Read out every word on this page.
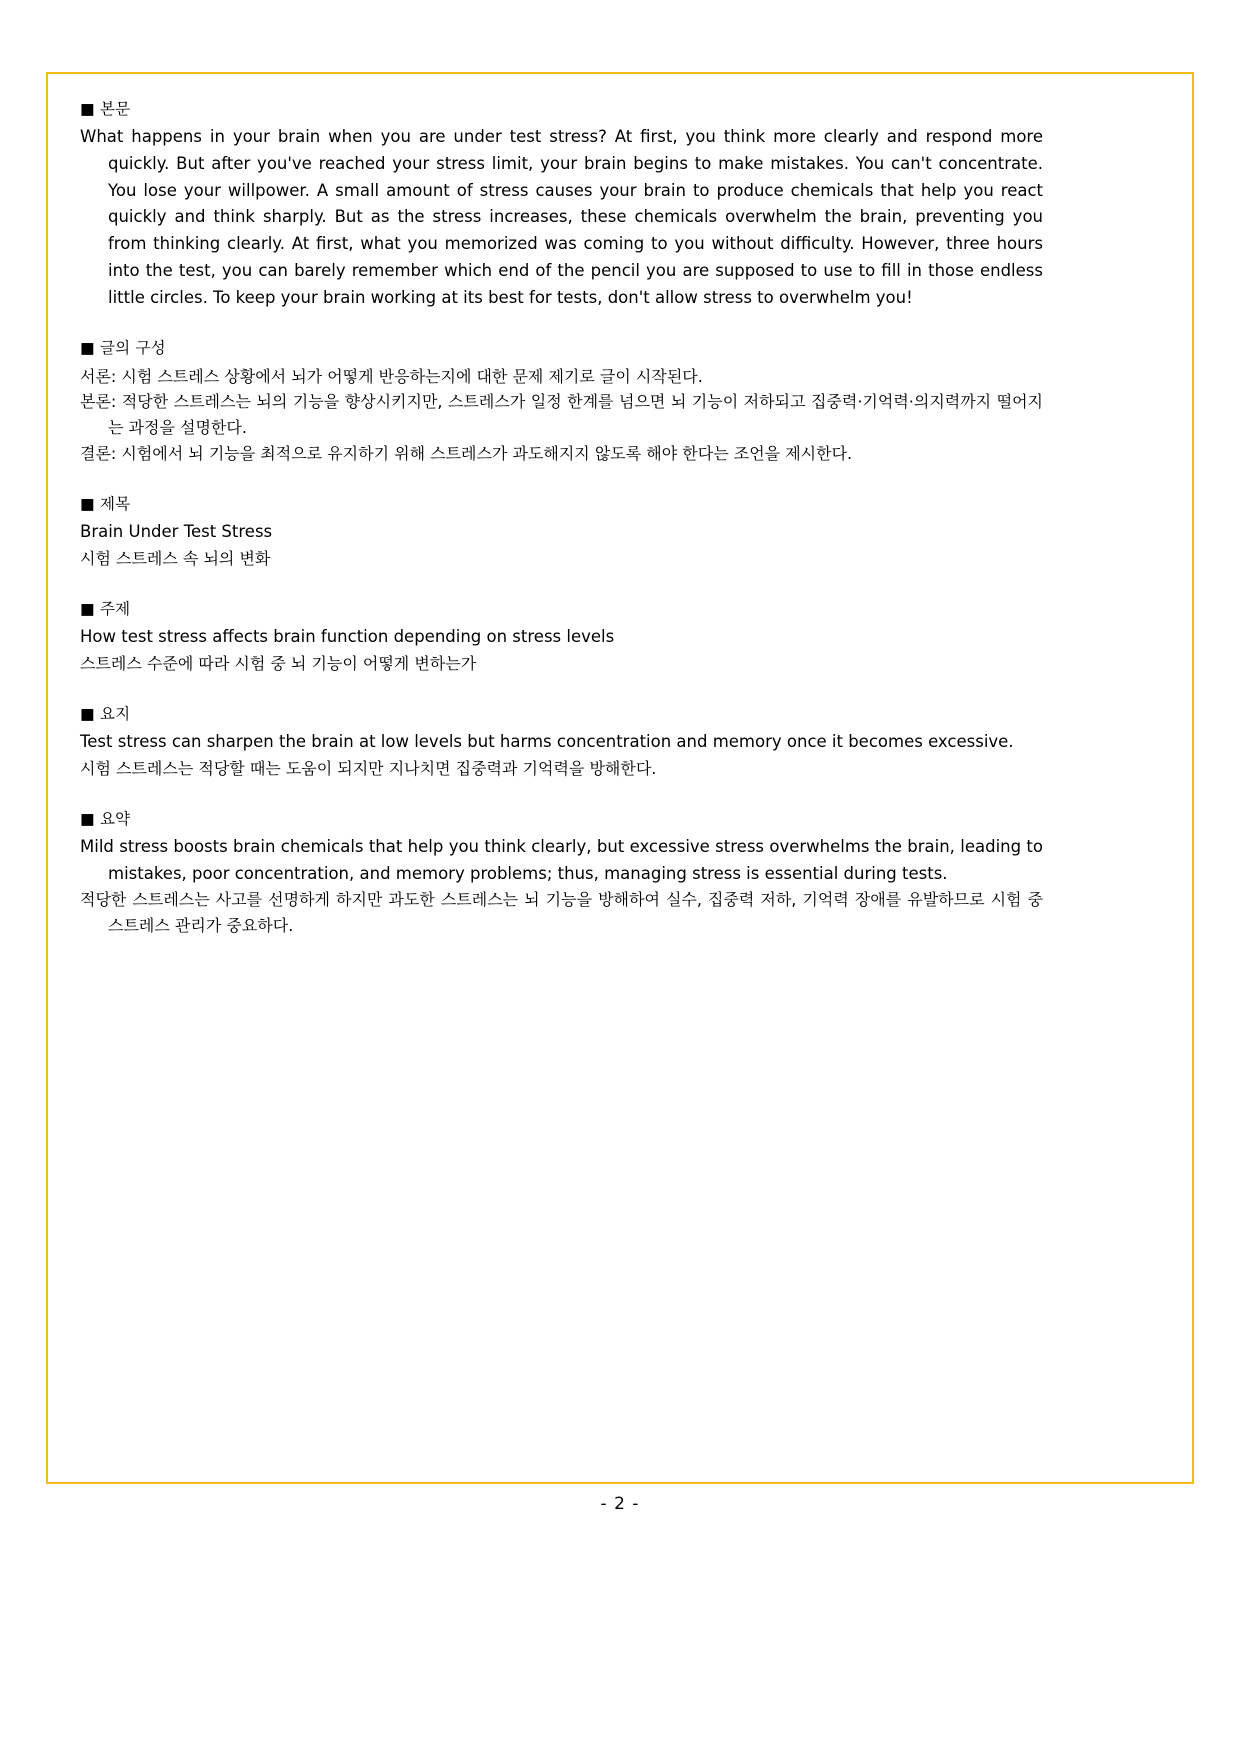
■ 본문

What happens in your brain when you are under test stress? At first, you think more clearly and respond more quickly. But after you've reached your stress limit, your brain begins to make mistakes. You can't concentrate. You lose your willpower. A small amount of stress causes your brain to produce chemicals that help you react quickly and think sharply. But as the stress increases, these chemicals overwhelm the brain, preventing you from thinking clearly. At first, what you memorized was coming to you without difficulty. However, three hours into the test, you can barely remember which end of the pencil you are supposed to use to fill in those endless little circles. To keep your brain working at its best for tests, don't allow stress to overwhelm you!

■ 글의 구성

서론: 시험 스트레스 상황에서 뇌가 어떻게 반응하는지에 대한 문제 제기로 글이 시작된다.

본론: 적당한 스트레스는 뇌의 기능을 향상시키지만, 스트레스가 일정 한계를 넘으면 뇌 기능이 저하되고 집중력·기억력·의지력까지 떨어지는 과정을 설명한다.

결론: 시험에서 뇌 기능을 최적으로 유지하기 위해 스트레스가 과도해지지 않도록 해야 한다는 조언을 제시한다.

■ 제목

Brain Under Test Stress

시험 스트레스 속 뇌의 변화

■ 주제

How test stress affects brain function depending on stress levels

스트레스 수준에 따라 시험 중 뇌 기능이 어떻게 변하는가

■ 요지

Test stress can sharpen the brain at low levels but harms concentration and memory once it becomes excessive.

시험 스트레스는 적당할 때는 도움이 되지만 지나치면 집중력과 기억력을 방해한다.

■ 요약

Mild stress boosts brain chemicals that help you think clearly, but excessive stress overwhelms the brain, leading to mistakes, poor concentration, and memory problems; thus, managing stress is essential during tests.

적당한 스트레스는 사고를 선명하게 하지만 과도한 스트레스는 뇌 기능을 방해하여 실수, 집중력 저하, 기억력 장애를 유발하므로 시험 중 스트레스 관리가 중요하다.

- 2 -
